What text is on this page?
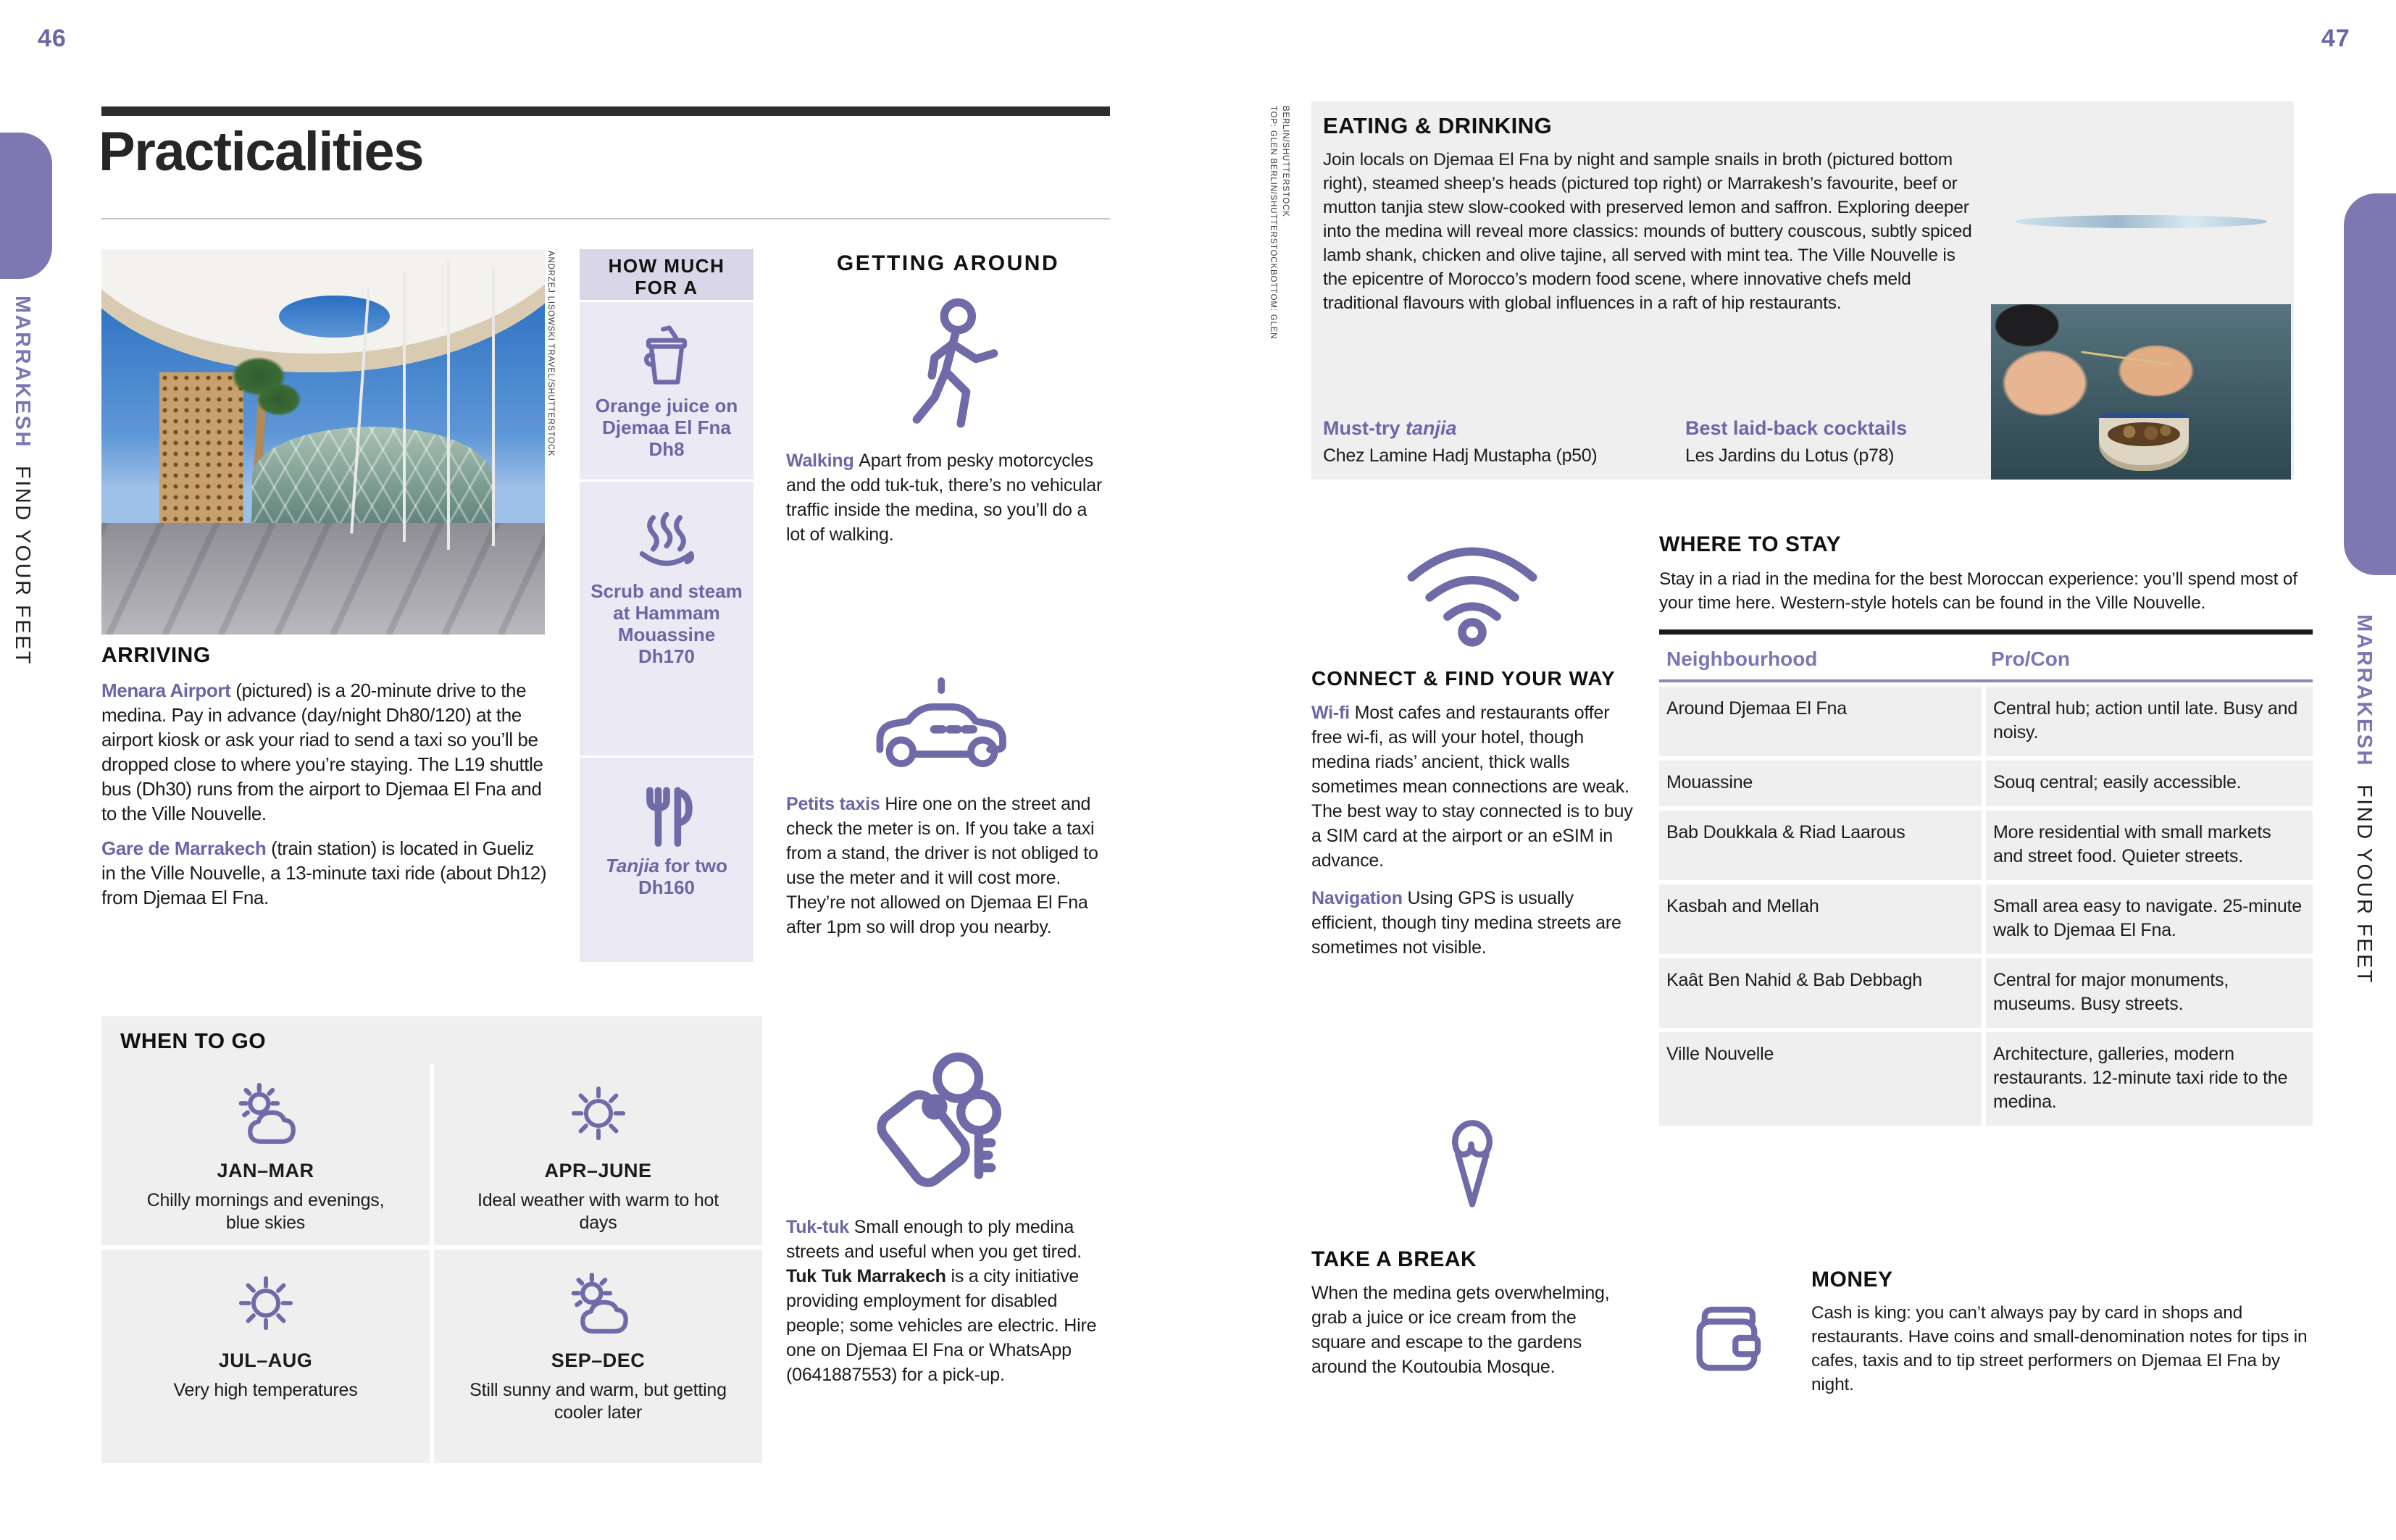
46
MARRAKESHFIND YOUR FEET
Practicalities
ANDRZEJ LISOWSKI TRAVEL/SHUTTERSTOCK
ARRIVING

Menara Airport (pictured) is a 20-minute drive to the medina. Pay in advance (day/night Dh80/120) at the airport kiosk or ask your riad to send a taxi so you’ll be dropped close to where you’re staying. The L19 shuttle bus (Dh30) runs from the airport to Djemaa El Fna and to the Ville Nouvelle.

Gare de Marrakech (train station) is located in Gueliz in the Ville Nouvelle, a 13-minute taxi ride (about Dh12) from Djemaa El Fna.

HOW MUCH
FOR A
Orange juice on Djemaa El Fna
Dh8
Scrub and steam at Hammam Mouassine
Dh170
Tanjia for two
Dh160
GETTING AROUND

Walking Apart from pesky motorcycles and the odd tuk-tuk, there’s no vehicular traffic inside the medina, so you’ll do a lot of walking.

Petits taxis Hire one on the street and check the meter is on. If you take a taxi from a stand, the driver is not obliged to use the meter and it will cost more. They’re not allowed on Djemaa El Fna after 1pm so will drop you nearby.

Tuk-tuk Small enough to ply medina streets and useful when you get tired. Tuk Tuk Marrakech is a city initiative providing employment for disabled people; some vehicles are electric. Hire one on Djemaa El Fna or WhatsApp (0641887553) for a pick-up.

WHEN TO GO
JAN–MAR
Chilly mornings and evenings, blue skies
APR–JUNE
Ideal weather with warm to hot days
JUL–AUG
Very high temperatures
SEP–DEC
Still sunny and warm, but getting cooler later
47
MARRAKESHFIND YOUR FEET
TOP: GLEN BERLIN/SHUTTERSTOCKBOTTOM: GLEN BERLIN/SHUTTERSTOCK EATING & DRINKING

Join locals on Djemaa El Fna by night and sample snails in broth (pictured bottom right), steamed sheep’s heads (pictured top right) or Marrakesh’s favourite, beef or mutton tanjia stew slow-cooked with preserved lemon and saffron. Exploring deeper into the medina will reveal more classics: mounds of buttery couscous, subtly spiced lamb shank, chicken and olive tajine, all served with mint tea. The Ville Nouvelle is the epicentre of Morocco’s modern food scene, where innovative chefs meld traditional flavours with global influences in a raft of hip restaurants.

Must-try tanjia
Chez Lamine Hadj Mustapha (p50)
Best laid-back cocktails
Les Jardins du Lotus (p78)
CONNECT & FIND YOUR WAY

Wi-fi Most cafes and restaurants offer free wi-fi, as will your hotel, though medina riads’ ancient, thick walls sometimes mean connections are weak. The best way to stay connected is to buy a SIM card at the airport or an eSIM in advance.

Navigation Using GPS is usually efficient, though tiny medina streets are sometimes not visible.

WHERE TO STAY

Stay in a riad in the medina for the best Moroccan experience: you’ll spend most of your time here. Western-style hotels can be found in the Ville Nouvelle.

Neighbourhood	Pro/Con
Around Djemaa El Fna	Central hub; action until late. Busy and noisy.
Mouassine	Souq central; easily accessible.
Bab Doukkala & Riad Laarous	More residential with small markets and street food. Quieter streets.
Kasbah and Mellah	Small area easy to navigate. 25-minute walk to Djemaa El Fna.
Kaât Ben Nahid & Bab Debbagh	Central for major monuments, museums. Busy streets.
Ville Nouvelle	Architecture, galleries, modern restaurants. 12-minute taxi ride to the medina.
TAKE A BREAK

When the medina gets overwhelming, grab a juice or ice cream from the square and escape to the gardens around the Koutoubia Mosque.

MONEY

Cash is king: you can’t always pay by card in shops and restaurants. Have coins and small-denomination notes for tips in cafes, taxis and to tip street performers on Djemaa El Fna by night.
